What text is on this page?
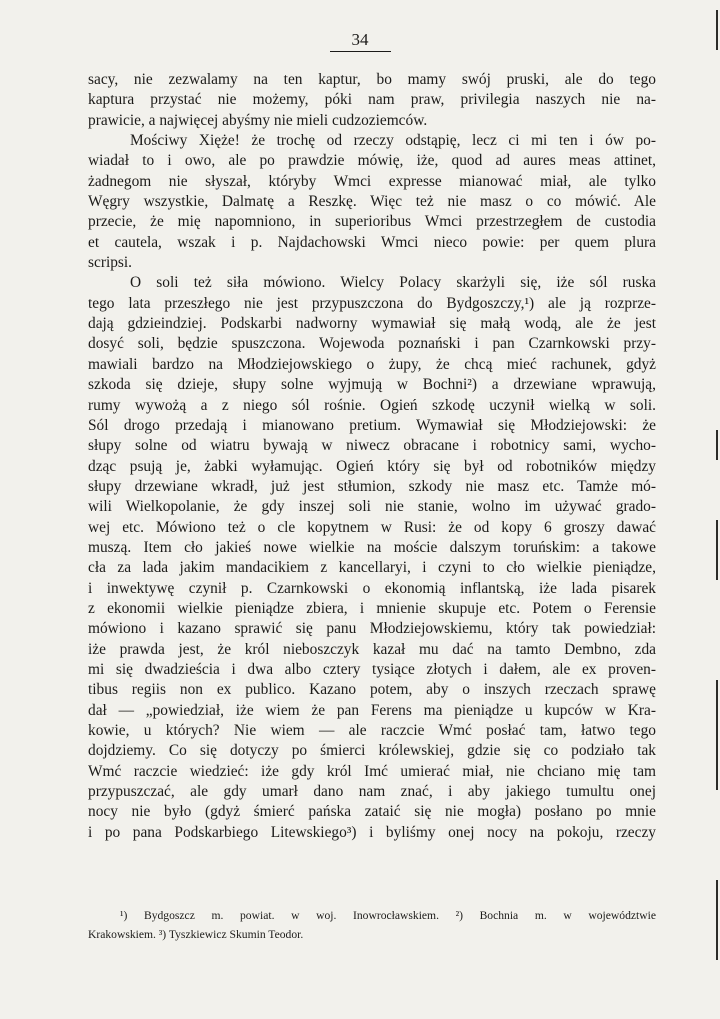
34
sacy, nie zezwalamy na ten kaptur, bo mamy swój pruski, ale do tego
kaptura przystać nie możemy, póki nam praw, privilegia naszych nie na-
prawicie, a najwięcej abyśmy nie mieli cudzoziemców.
Mościwy Xięże! że trochę od rzeczy odstąpię, lecz ci mi ten i ów po-
wiadał to i owo, ale po prawdzie mówię, iże, quod ad aures meas attinet,
żadnegom nie słyszał, któryby Wmci expresse mianować miał, ale tylko
Węgry wszystkie, Dalmatę a Reszkę. Więc też nie masz o co mówić. Ale
przecie, że mię napomniono, in superioribus Wmci przestrzegłem de custodia
et cautela, wszak i p. Najdachowski Wmci nieco powie: per quem plura
scripsi.
O soli też siła mówiono. Wielcy Polacy skarżyli się, iże sól ruska
tego lata przeszłego nie jest przypuszczona do Bydgoszczy,¹) ale ją rozprze-
dają gdzieindziej. Podskarbi nadworny wymawiał się małą wodą, ale że jest
dosyć soli, będzie spuszczona. Wojewoda poznański i pan Czarnkowski przy-
mawiali bardzo na Młodziejowskiego o żupy, że chcą mieć rachunek, gdyż
szkoda się dzieje, słupy solne wyjmują w Bochni²) a drzewiane wprawują,
rumy wywożą a z niego sól rośnie. Ogień szkodę uczynił wielką w soli.
Sól drogo przedają i mianowano pretium. Wymawiał się Młodziejowski: że
słupy solne od wiatru bywają w niwecz obracane i robotnicy sami, wycho-
dząc psują je, żabki wyłamując. Ogień który się był od robotników między
słupy drzewiane wkradł, już jest stłumion, szkody nie masz etc. Tamże mó-
wili Wielkopolanie, że gdy inszej soli nie stanie, wolno im używać grado-
wej etc. Mówiono też o cle kopytnem w Rusi: że od kopy 6 groszy dawać
muszą. Item cło jakieś nowe wielkie na moście dalszym toruńskim: a takowe
cła za lada jakim mandacikiem z kancellaryi, i czyni to cło wielkie pieniądze,
i inwektywę czynił p. Czarnkowski o ekonomią inflantską, iże lada pisarek
z ekonomii wielkie pieniądze zbiera, i mnienie skupuje etc. Potem o Ferensie
mówiono i kazano sprawić się panu Młodziejowskiemu, który tak powiedział:
iże prawda jest, że król nieboszczyk kazał mu dać na tamto Dembno, zda
mi się dwadzieścia i dwa albo cztery tysiące złotych i dałem, ale ex proven-
tibus regiis non ex publico. Kazano potem, aby o inszych rzeczach sprawę
dał — „powiedział, iże wiem że pan Ferens ma pieniądze u kupców w Kra-
kowie, u których? Nie wiem — ale raczcie Wmć posłać tam, łatwo tego
dojdziemy. Co się dotyczy po śmierci królewskiej, gdzie się co podziało tak
Wmć raczcie wiedzieć: iże gdy król Imć umierać miał, nie chciano mię tam
przypuszczać, ale gdy umarł dano nam znać, i aby jakiego tumultu onej
nocy nie było (gdyż śmierć pańska zataić się nie mogła) posłano po mnie
i po pana Podskarbiego Litewskiego³) i byliśmy onej nocy na pokoju, rzeczy
¹) Bydgoszcz m. powiat. w woj. Inowrocławskiem. ²) Bochnia m. w województwie
Krakowskiem. ³) Tyszkiewicz Skumin Teodor.
